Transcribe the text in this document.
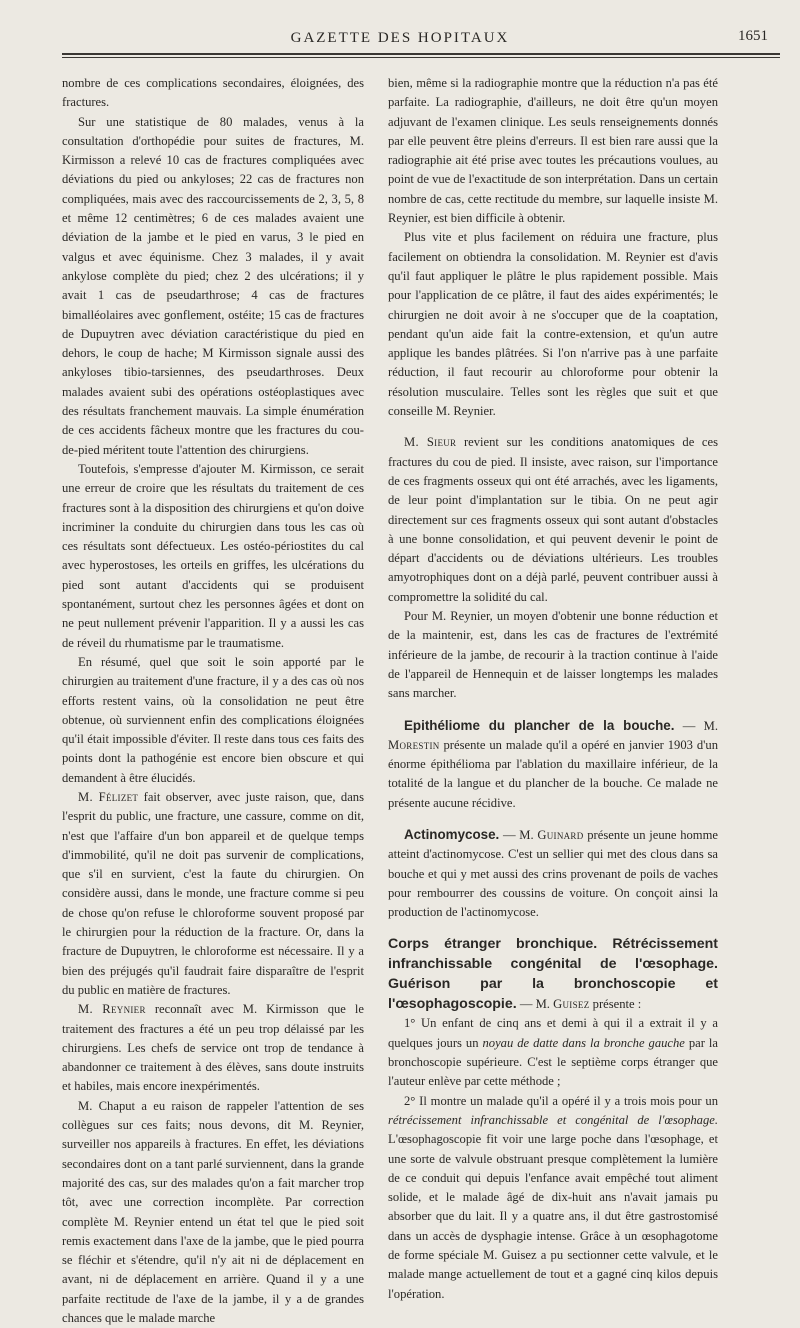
GAZETTE DES HOPITAUX	1651

nombre de ces complications secondaires, éloignées, des fractures.

Sur une statistique de 80 malades, venus à la consultation d'orthopédie pour suites de fractures, M. Kirmisson a relevé 10 cas de fractures compliquées avec déviations du pied ou ankyloses; 22 cas de fractures non compliquées, mais avec des raccourcissements de 2, 3, 5, 8 et même 12 centimètres; 6 de ces malades avaient une déviation de la jambe et le pied en varus, 3 le pied en valgus et avec équinisme. Chez 3 malades, il y avait ankylose complète du pied; chez 2 des ulcérations; il y avait 1 cas de pseudarthrose; 4 cas de fractures bimalléolaires avec gonflement, ostéite; 15 cas de fractures de Dupuytren avec déviation caractéristique du pied en dehors, le coup de hache; M Kirmisson signale aussi des ankyloses tibio-tarsiennes, des pseudarthroses. Deux malades avaient subi des opérations ostéoplastiques avec des résultats franchement mauvais. La simple énumération de ces accidents fâcheux montre que les fractures du cou-de-pied méritent toute l'attention des chirurgiens.

Toutefois, s'empresse d'ajouter M. Kirmisson, ce serait une erreur de croire que les résultats du traitement de ces fractures sont à la disposition des chirurgiens et qu'on doive incriminer la conduite du chirurgien dans tous les cas où ces résultats sont défectueux. Les ostéo-périostites du cal avec hyperostoses, les orteils en griffes, les ulcérations du pied sont autant d'accidents qui se produisent spontanément, surtout chez les personnes âgées et dont on ne peut nullement prévenir l'apparition. Il y a aussi les cas de réveil du rhumatisme par le traumatisme.

En résumé, quel que soit le soin apporté par le chirurgien au traitement d'une fracture, il y a des cas où nos efforts restent vains, où la consolidation ne peut être obtenue, où surviennent enfin des complications éloignées qu'il était impossible d'éviter. Il reste dans tous ces faits des points dont la pathogénie est encore bien obscure et qui demandent à être élucidés.

M. Félizet fait observer, avec juste raison, que, dans l'esprit du public, une fracture, une cassure, comme on dit, n'est que l'affaire d'un bon appareil et de quelque temps d'immobilité, qu'il ne doit pas survenir de complications, que s'il en survient, c'est la faute du chirurgien. On considère aussi, dans le monde, une fracture comme si peu de chose qu'on refuse le chloroforme souvent proposé par le chirurgien pour la réduction de la fracture. Or, dans la fracture de Dupuytren, le chloroforme est nécessaire. Il y a bien des préjugés qu'il faudrait faire disparaître de l'esprit du public en matière de fractures.

M. Reynier reconnaît avec M. Kirmisson que le traitement des fractures a été un peu trop délaissé par les chirurgiens. Les chefs de service ont trop de tendance à abandonner ce traitement à des élèves, sans doute instruits et habiles, mais encore inexpérimentés.

M. Chaput a eu raison de rappeler l'attention de ses collègues sur ces faits; nous devons, dit M. Reynier, surveiller nos appareils à fractures. En effet, les déviations secondaires dont on a tant parlé surviennent, dans la grande majorité des cas, sur des malades qu'on a fait marcher trop tôt, avec une correction incomplète. Par correction complète M. Reynier entend un état tel que le pied soit remis exactement dans l'axe de la jambe, que le pied pourra se fléchir et s'étendre, qu'il n'y ait ni de déplacement en avant, ni de déplacement en arrière. Quand il y a une parfaite rectitude de l'axe de la jambe, il y a de grandes chances que le malade marche

bien, même si la radiographie montre que la réduction n'a pas été parfaite. La radiographie, d'ailleurs, ne doit être qu'un moyen adjuvant de l'examen clinique. Les seuls renseignements donnés par elle peuvent être pleins d'erreurs. Il est bien rare aussi que la radiographie ait été prise avec toutes les précautions voulues, au point de vue de l'exactitude de son interprétation. Dans un certain nombre de cas, cette rectitude du membre, sur laquelle insiste M. Reynier, est bien difficile à obtenir.

Plus vite et plus facilement on réduira une fracture, plus facilement on obtiendra la consolidation. M. Reynier est d'avis qu'il faut appliquer le plâtre le plus rapidement possible. Mais pour l'application de ce plâtre, il faut des aides expérimentés; le chirurgien ne doit avoir à ne s'occuper que de la coaptation, pendant qu'un aide fait la contre-extension, et qu'un autre applique les bandes plâtrées. Si l'on n'arrive pas à une parfaite réduction, il faut recourir au chloroforme pour obtenir la résolution musculaire. Telles sont les règles que suit et que conseille M. Reynier.

M. Sieur revient sur les conditions anatomiques de ces fractures du cou de pied. Il insiste, avec raison, sur l'importance de ces fragments osseux qui ont été arrachés, avec les ligaments, de leur point d'implantation sur le tibia. On ne peut agir directement sur ces fragments osseux qui sont autant d'obstacles à une bonne consolidation, et qui peuvent devenir le point de départ d'accidents ou de déviations ultérieurs. Les troubles amyotrophiques dont on a déjà parlé, peuvent contribuer aussi à compromettre la solidité du cal.

Pour M. Reynier, un moyen d'obtenir une bonne réduction et de la maintenir, est, dans les cas de fractures de l'extrémité inférieure de la jambe, de recourir à la traction continue à l'aide de l'appareil de Hennequin et de laisser longtemps les malades sans marcher.

Epithéliome du plancher de la bouche. — M. Morestin présente un malade qu'il a opéré en janvier 1903 d'un énorme épithélioma par l'ablation du maxillaire inférieur, de la totalité de la langue et du plancher de la bouche. Ce malade ne présente aucune récidive.

Actinomycose. — M. Guinard présente un jeune homme atteint d'actinomycose. C'est un sellier qui met des clous dans sa bouche et qui y met aussi des crins provenant de poils de vaches pour rembourrer des coussins de voiture. On conçoit ainsi la production de l'actinomycose.

Corps étranger bronchique. Rétrécissement infranchissable congénital de l'œsophage. Guérison par la bronchoscopie et l'œsophagoscopie. — M. Guisez présente :

1° Un enfant de cinq ans et demi à qui il a extrait il y a quelques jours un noyau de datte dans la bronche gauche par la bronchoscopie supérieure. C'est le septième corps étranger que l'auteur enlève par cette méthode ;

2° Il montre un malade qu'il a opéré il y a trois mois pour un rétrécissement infranchissable et congénital de l'œsophage. L'œsophagoscopie fit voir une large poche dans l'œsophage, et une sorte de valvule obstruant presque complètement la lumière de ce conduit qui depuis l'enfance avait empêché tout aliment solide, et le malade âgé de dix-huit ans n'avait jamais pu absorber que du lait. Il y a quatre ans, il dut être gastrostomisé dans un accès de dysphagie intense. Grâce à un œsophagotome de forme spéciale M. Guisez a pu sectionner cette valvule, et le malade mange actuellement de tout et a gagné cinq kilos depuis l'opération.
